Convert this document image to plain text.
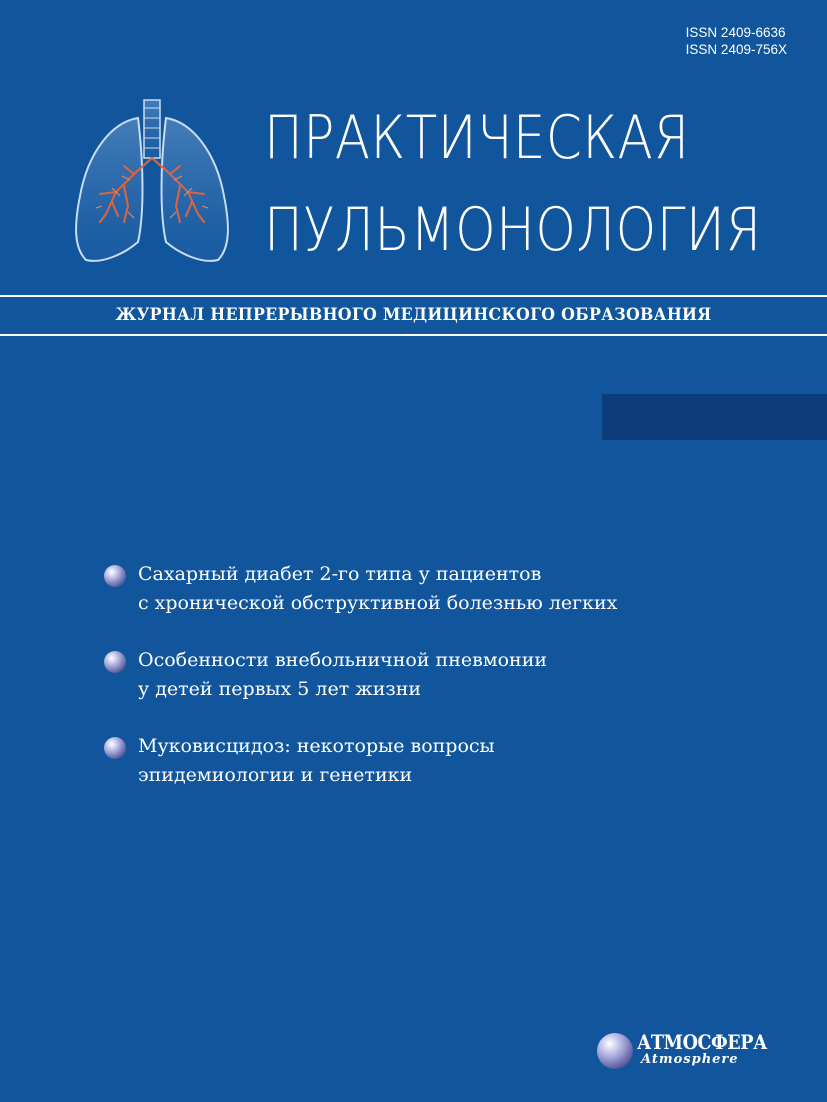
ISSN 2409-6636
ISSN 2409-756X
ПРАКТИЧЕСКАЯ
ПУЛЬМОНОЛОГИЯ
ЖУРНАЛ НЕПРЕРЫВНОГО МЕДИЦИНСКОГО ОБРАЗОВАНИЯ
Сахарный диабет 2-го типа у пациентов
с хронической обструктивной болезнью легких
Особенности внебольничной пневмонии
у детей первых 5 лет жизни
Муковисцидоз: некоторые вопросы
эпидемиологии и генетики
АТМОСФЕРА
Atmosphere
